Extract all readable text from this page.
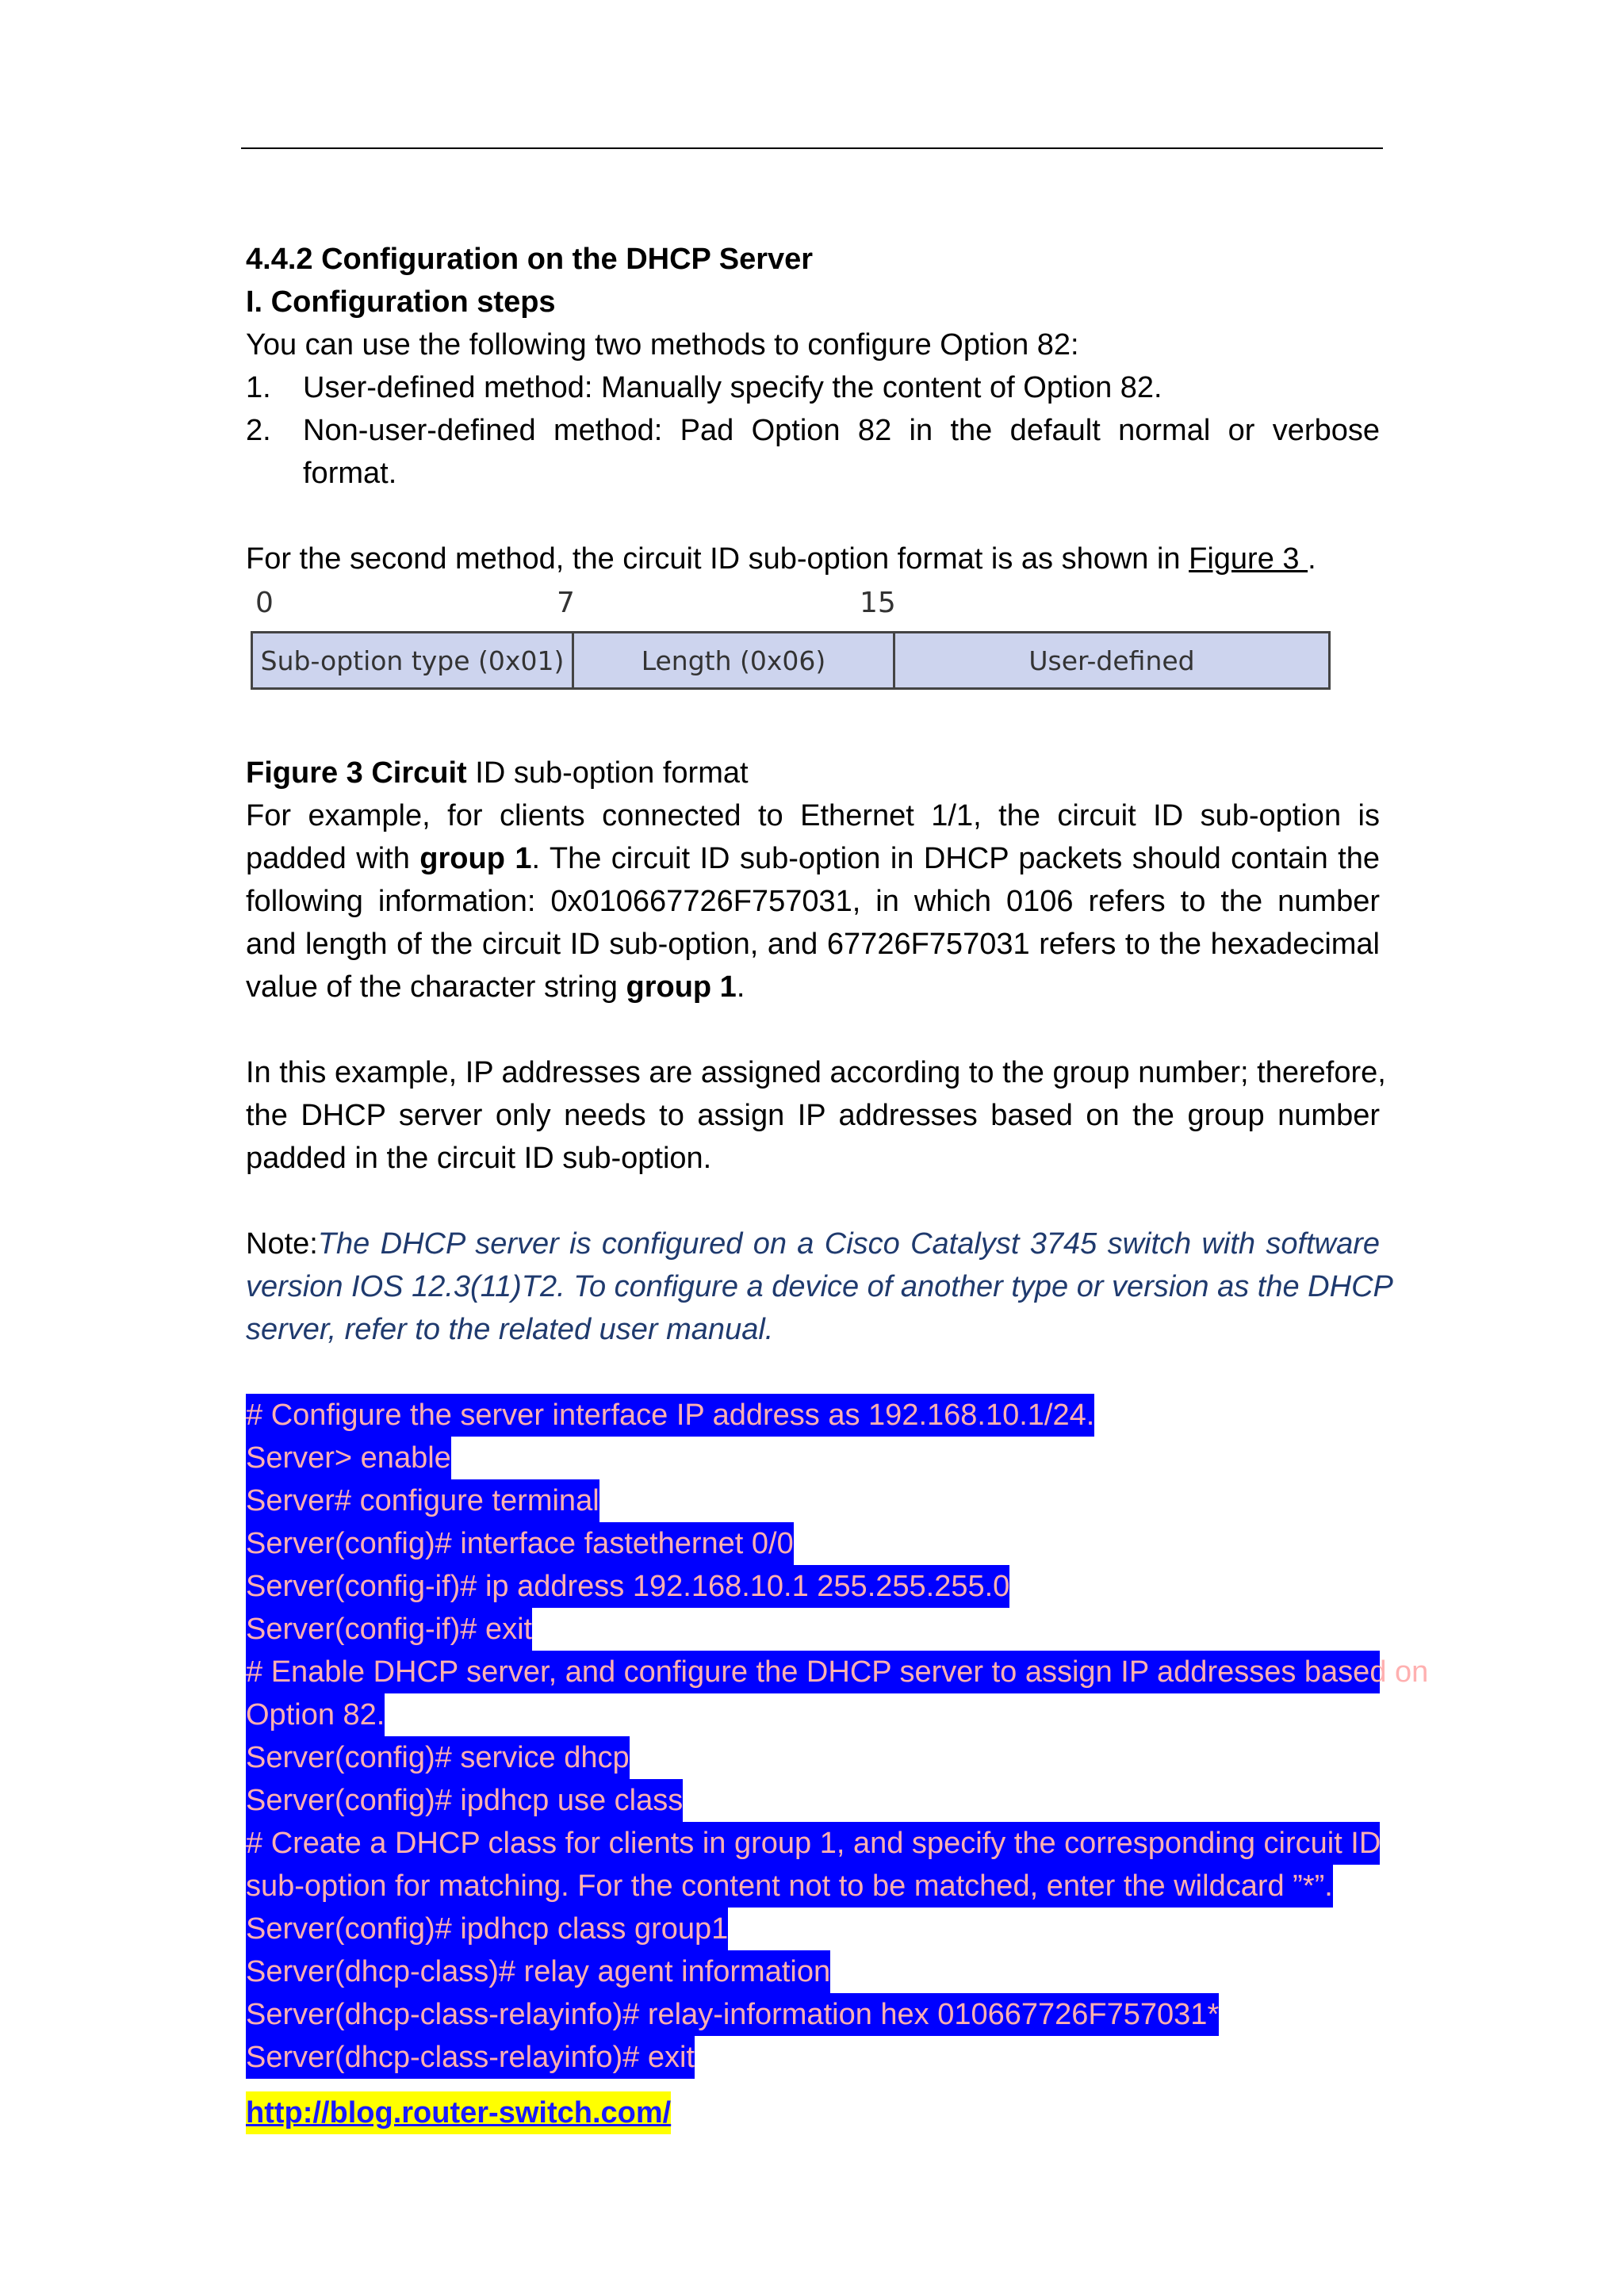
4.4.2 Configuration on the DHCP Server

I. Configuration steps

You can use the following two methods to configure Option 82:

1.	User-defined method: Manually specify the content of Option 82.
2.	Non-user-defined method: Pad Option 82 in the default normal or verbose

format.

For the second method, the circuit ID sub-option format is as shown in Figure 3 .

0	7	15
Sub-option type (0x01)	Length (0x06)	User-defined

Figure 3 Circuit ID sub-option format

For example, for clients connected to Ethernet 1/1, the circuit ID sub-option is

padded with group 1. The circuit ID sub-option in DHCP packets should contain the

following information: 0x010667726F757031, in which 0106 refers to the number

and length of the circuit ID sub-option, and 67726F757031 refers to the hexadecimal

value of the character string group 1.

In this example, IP addresses are assigned according to the group number; therefore,

the DHCP server only needs to assign IP addresses based on the group number

padded in the circuit ID sub-option.

Note:The DHCP server is configured on a Cisco Catalyst 3745 switch with software

version IOS 12.3(11)T2. To configure a device of another type or version as the DHCP

server, refer to the related user manual.

# Configure the server interface IP address as 192.168.10.1/24.
Server> enable
Server# configure terminal
Server(config)# interface fastethernet 0/0
Server(config-if)# ip address 192.168.10.1 255.255.255.0
Server(config-if)# exit
# Enable DHCP server, and configure the DHCP server to assign IP addresses based on
Option 82.
Server(config)# service dhcp
Server(config)# ipdhcp use class
# Create a DHCP class for clients in group 1, and specify the corresponding circuit ID
sub-option for matching. For the content not to be matched, enter the wildcard ”*”.
Server(config)# ipdhcp class group1
Server(dhcp-class)# relay agent information
Server(dhcp-class-relayinfo)# relay-information hex 010667726F757031*
Server(dhcp-class-relayinfo)# exit
http://blog.router-switch.com/
